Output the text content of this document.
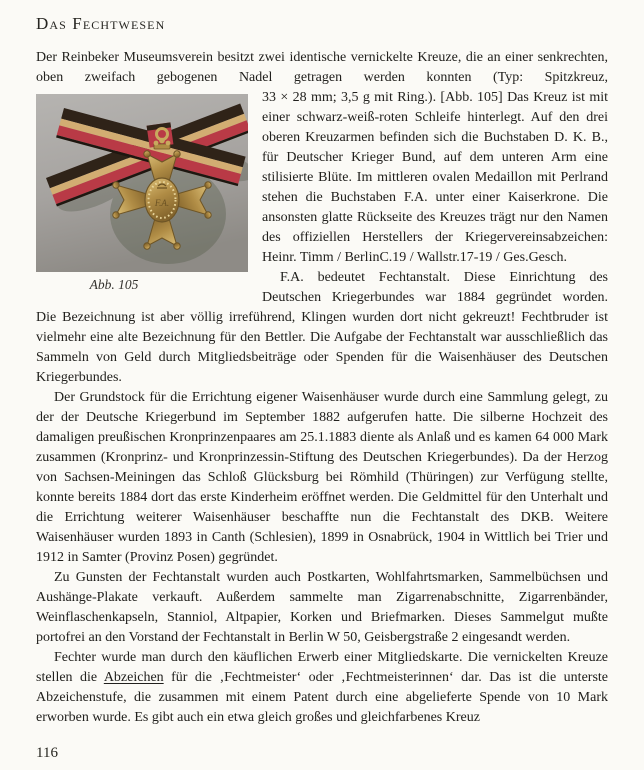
Das Fechtwesen

Der Reinbeker Museumsverein besitzt zwei identische vernickelte Kreuze, die an einer senkrechten, oben zweifach gebogenen Nadel getragen werden konnten (Typ: Spitzkreuz,

F.A.
Abb. 105

33 × 28 mm; 3,5 g mit Ring.). [Abb. 105] Das Kreuz ist mit einer schwarz-weiß-roten Schleife hinterlegt. Auf den drei oberen Kreuzarmen befinden sich die Buchstaben D. K. B., für Deutscher Krieger Bund, auf dem unteren Arm eine stilisierte Blüte. Im mittleren ovalen Medaillon mit Perlrand stehen die Buchstaben F.A. unter einer Kaiserkrone. Die ansonsten glatte Rückseite des Kreuzes trägt nur den Namen des offiziellen Herstellers der Kriegervereinsabzeichen: Heinr. Timm / BerlinC.19 / Wallstr.17-19 / Ges.Gesch.

F.A. bedeutet Fechtanstalt. Diese Einrichtung des Deutschen Kriegerbundes war 1884 gegründet worden.

Die Bezeichnung ist aber völlig irreführend, Klingen wurden dort nicht gekreuzt! Fechtbruder ist vielmehr eine alte Bezeichnung für den Bettler. Die Aufgabe der Fechtanstalt war ausschließlich das Sammeln von Geld durch Mitgliedsbeiträge oder Spenden für die Waisenhäuser des Deutschen Kriegerbundes.

Der Grundstock für die Errichtung eigener Waisenhäuser wurde durch eine Sammlung gelegt, zu der der Deutsche Kriegerbund im September 1882 aufgerufen hatte. Die silberne Hochzeit des damaligen preußischen Kronprinzenpaares am 25.1.1883 diente als Anlaß und es kamen 64 000 Mark zusammen (Kronprinz- und Kronprinzessin-Stiftung des Deutschen Kriegerbundes). Da der Herzog von Sachsen-Meiningen das Schloß Glücksburg bei Römhild (Thüringen) zur Verfügung stellte, konnte bereits 1884 dort das erste Kinderheim eröffnet werden. Die Geldmittel für den Unterhalt und die Errichtung weiterer Waisenhäuser beschaffte nun die Fechtanstalt des DKB. Weitere Waisenhäuser wurden 1893 in Canth (Schlesien), 1899 in Osnabrück, 1904 in Wittlich bei Trier und 1912 in Samter (Provinz Posen) gegründet.

Zu Gunsten der Fechtanstalt wurden auch Postkarten, Wohlfahrtsmarken, Sammelbüchsen und Aushänge-Plakate verkauft. Außerdem sammelte man Zigarrenabschnitte, Zigarrenbänder, Weinflaschenkapseln, Stanniol, Altpapier, Korken und Briefmarken. Dieses Sammelgut mußte portofrei an den Vorstand der Fechtanstalt in Berlin W 50, Geisbergstraße 2 eingesandt werden.

Fechter wurde man durch den käuflichen Erwerb einer Mitgliedskarte. Die vernickelten Kreuze stellen die Abzeichen für die ‚Fechtmeister‘ oder ‚Fechtmeisterinnen‘ dar. Das ist die unterste Abzeichenstufe, die zusammen mit einem Patent durch eine abgelieferte Spende von 10 Mark erworben wurde. Es gibt auch ein etwa gleich großes und gleichfarbenes Kreuz

116
